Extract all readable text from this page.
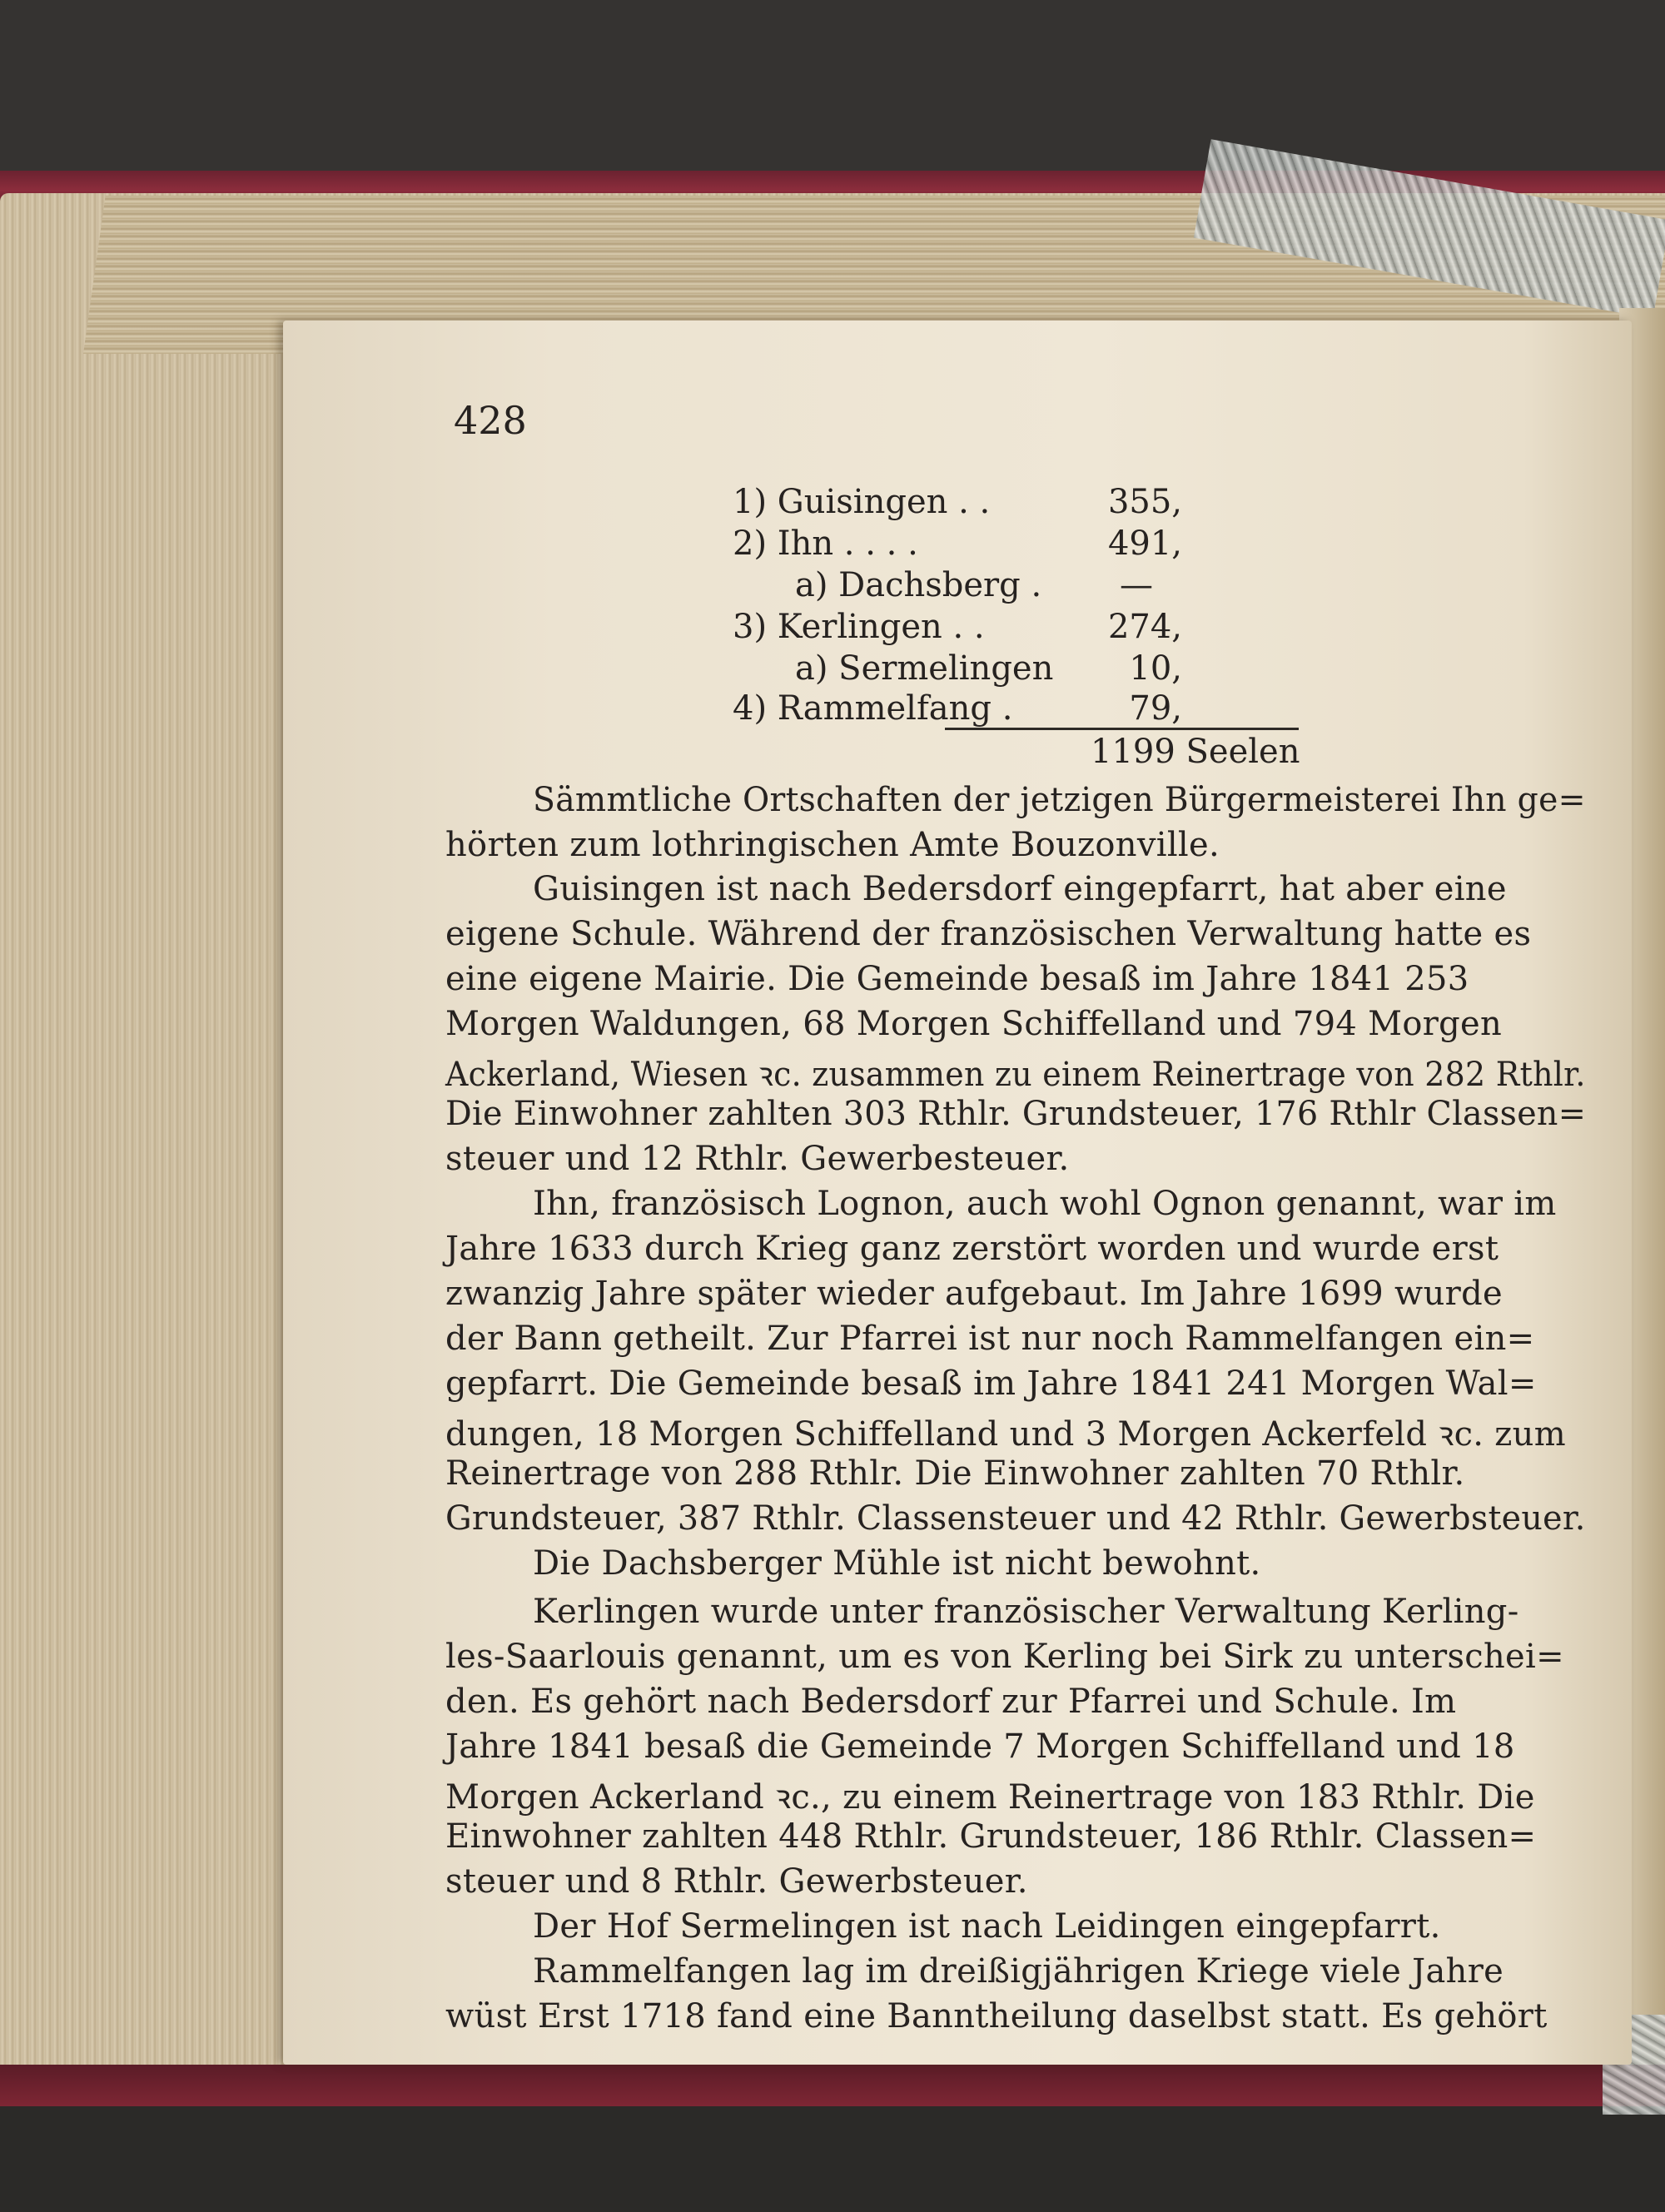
428
1) Guisingen . .	355,
2) Ihn . . . .	491,
a) Dachsberg .	—
3) Kerlingen . .	274,
a) Sermelingen	10,
4) Rammelfang .	79,
1199 Seelen
Sämmtliche Ortschaften der jetzigen Bürgermeisterei Ihn ge=
hörten zum lothringischen Amte Bouzonville.
Guisingen ist nach Bedersdorf eingepfarrt, hat aber eine
eigene Schule. Während der französischen Verwaltung hatte es
eine eigene Mairie. Die Gemeinde besaß im Jahre 1841 253
Morgen Waldungen, 68 Morgen Schiffelland und 794 Morgen
Ackerland, Wiesen ꝛc. zusammen zu einem Reinertrage von 282 Rthlr.
Die Einwohner zahlten 303 Rthlr. Grundsteuer, 176 Rthlr Classen=
steuer und 12 Rthlr. Gewerbesteuer.
Ihn, französisch Lognon, auch wohl Ognon genannt, war im
Jahre 1633 durch Krieg ganz zerstört worden und wurde erst
zwanzig Jahre später wieder aufgebaut. Im Jahre 1699 wurde
der Bann getheilt. Zur Pfarrei ist nur noch Rammelfangen ein=
gepfarrt. Die Gemeinde besaß im Jahre 1841 241 Morgen Wal=
dungen, 18 Morgen Schiffelland und 3 Morgen Ackerfeld ꝛc. zum
Reinertrage von 288 Rthlr. Die Einwohner zahlten 70 Rthlr.
Grundsteuer, 387 Rthlr. Classensteuer und 42 Rthlr. Gewerbsteuer.
Die Dachsberger Mühle ist nicht bewohnt.
Kerlingen wurde unter französischer Verwaltung Kerling-
les-Saarlouis genannt, um es von Kerling bei Sirk zu unterschei=
den. Es gehört nach Bedersdorf zur Pfarrei und Schule. Im
Jahre 1841 besaß die Gemeinde 7 Morgen Schiffelland und 18
Morgen Ackerland ꝛc., zu einem Reinertrage von 183 Rthlr. Die
Einwohner zahlten 448 Rthlr. Grundsteuer, 186 Rthlr. Classen=
steuer und 8 Rthlr. Gewerbsteuer.
Der Hof Sermelingen ist nach Leidingen eingepfarrt.
Rammelfangen lag im dreißigjährigen Kriege viele Jahre
wüst Erst 1718 fand eine Banntheilung daselbst statt. Es gehört
